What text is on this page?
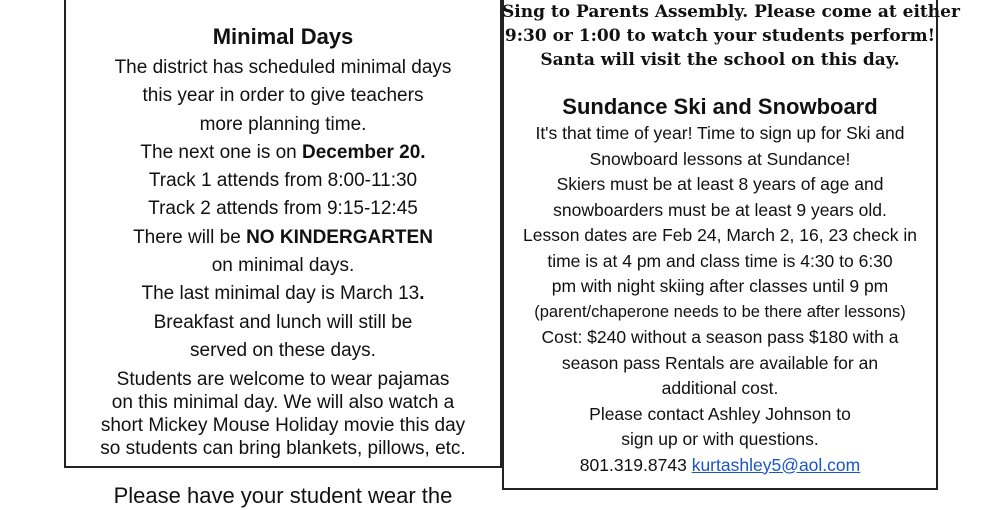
Minimal Days
The district has scheduled minimal days
this year in order to give teachers
more planning time.
The next one is on December 20.
Track 1 attends from 8:00-11:30
Track 2 attends from 9:15-12:45
There will be NO KINDERGARTEN
on minimal days.
The last minimal day is March 13.
Breakfast and lunch will still be
served on these days.
Students are welcome to wear pajamas
on this minimal day. We will also watch a
short Mickey Mouse Holiday movie this day
so students can bring blankets, pillows, etc.
Please have your student wear the
Sing to Parents Assembly. Please come at either
9:30 or 1:00 to watch your students perform!
Santa will visit the school on this day.
Sundance Ski and Snowboard
It's that time of year! Time to sign up for Ski and
Snowboard lessons at Sundance!
Skiers must be at least 8 years of age and
snowboarders must be at least 9 years old.
Lesson dates are Feb 24, March 2, 16, 23 check in
time is at 4 pm and class time is 4:30 to 6:30
pm with night skiing after classes until 9 pm
(parent/chaperone needs to be there after lessons)
Cost: $240 without a season pass $180 with a
season pass Rentals are available for an
additional cost.
Please contact Ashley Johnson to
sign up or with questions.
801.319.8743 kurtashley5@aol.com
